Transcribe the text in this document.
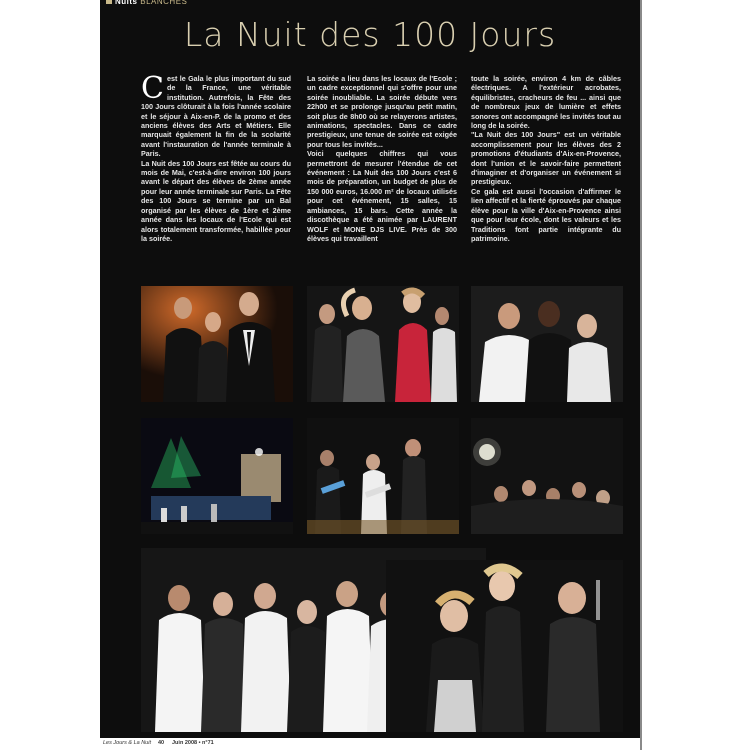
Nuits BLANCHES
La Nuit des 100 Jours
C est le Gala le plus important du sud de la France, une véritable institution. Autrefois, la Fête des 100 Jours clôturait à la fois l'année scolaire et le séjour à Aix-en-P. de la promo et des anciens élèves des Arts et Métiers. Elle marquait également la fin de la scolarité avant l'instauration de l'année terminale à Paris.

La Nuit des 100 Jours est fêtée au cours du mois de Mai, c'est-à-dire environ 100 jours avant le départ des élèves de 2ème année pour leur année terminale sur Paris. La Fête des 100 Jours se termine par un Bal organisé par les élèves de 1ère et 2ème année dans les locaux de l'Ecole qui est alors totalement transformée, habillée pour la soirée.

La soirée a lieu dans les locaux de l'Ecole ; un cadre exceptionnel qui s'offre pour une soirée inoubliable. La soirée débute vers 22h00 et se prolonge jusqu'au petit matin, soit plus de 8h00 où se relayerons artistes, animations, spectacles. Dans ce cadre prestigieux, une tenue de soirée est exigée pour tous les invités...

Voici quelques chiffres qui vous permettront de mesurer l'étendue de cet événement : La Nuit des 100 Jours c'est 6 mois de préparation, un budget de plus de 150 000 euros, 16.000 m² de locaux utilisés pour cet événement, 15 salles, 15 ambiances, 15 bars. Cette année la discothèque a été animée par LAURENT WOLF et MONE DJS LIVE. Près de 300 élèves qui travaillent

toute la soirée, environ 4 km de câbles électriques. A l'extérieur acrobates, équilibristes, cracheurs de feu ... ainsi que de nombreux jeux de lumière et effets sonores ont accompagné les invités tout au long de la soirée.

"La Nuit des 100 Jours" est un véritable accomplissement pour les élèves des 2 promotions d'étudiants d'Aix-en-Provence, dont l'union et le savoir-faire permettent d'imaginer et d'organiser un événement si prestigieux.

Ce gala est aussi l'occasion d'affirmer le lien affectif et la fierté éprouvés par chaque élève pour la ville d'Aix-en-Provence ainsi que pour leur école, dont les valeurs et les Traditions font partie intégrante du patrimoine.

Les Jours & La Nuit 40 Juin 2008 • n°71
